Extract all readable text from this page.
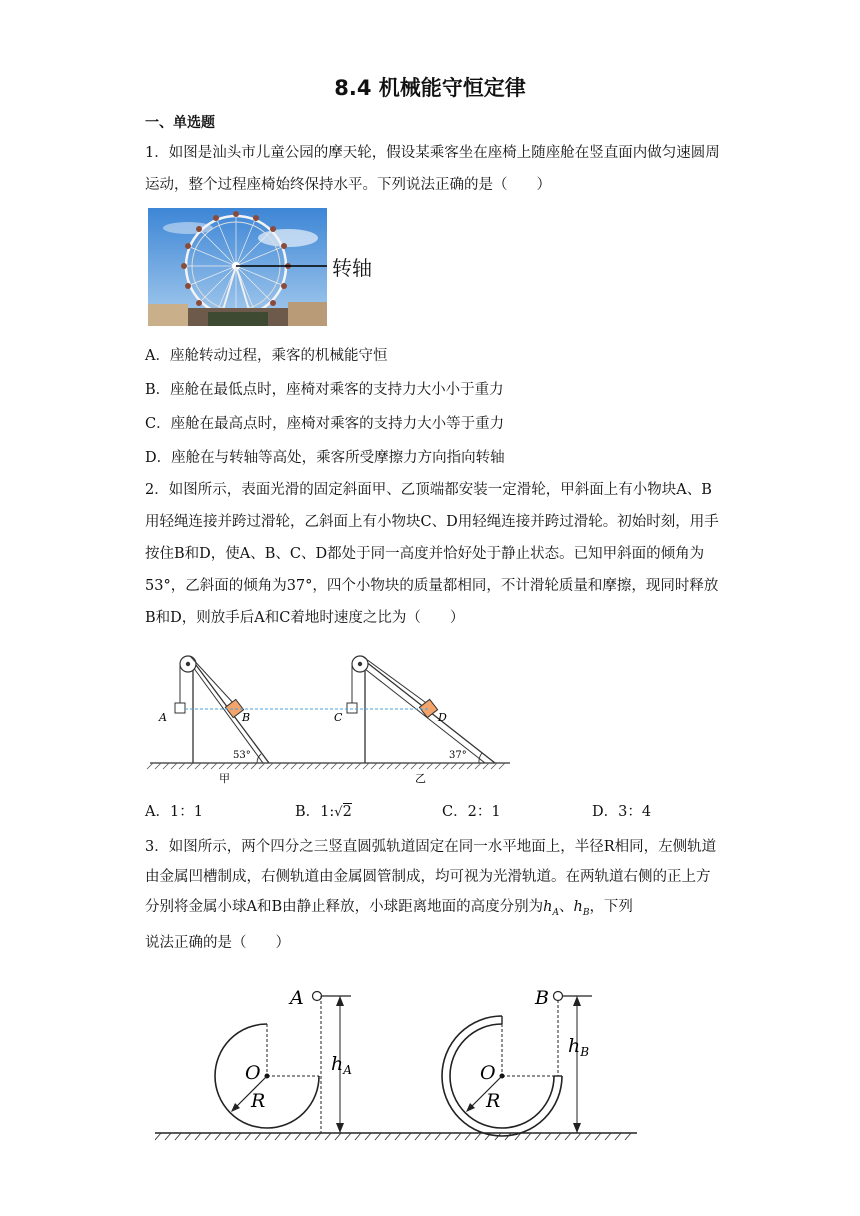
8.4 机械能守恒定律
一、单选题
1．如图是汕头市儿童公园的摩天轮，假设某乘客坐在座椅上随座舱在竖直面内做匀速圆周运动，整个过程座椅始终保持水平。下列说法正确的是（　　）
转轴
A．座舱转动过程，乘客的机械能守恒
B．座舱在最低点时，座椅对乘客的支持力大小小于重力
C．座舱在最高点时，座椅对乘客的支持力大小等于重力
D．座舱在与转轴等高处，乘客所受摩擦力方向指向转轴
2．如图所示，表面光滑的固定斜面甲、乙顶端都安装一定滑轮，甲斜面上有小物块A、B用轻绳连接并跨过滑轮，乙斜面上有小物块C、D用轻绳连接并跨过滑轮。初始时刻，用手按住B和D，使A、B、C、D都处于同一高度并恰好处于静止状态。已知甲斜面的倾角为53°，乙斜面的倾角为37°，四个小物块的质量都相同，不计滑轮质量和摩擦，现同时释放B和D，则放手后A和C着地时速度之比为（　　）
A	B	C	D
53°	37°
甲	乙
A．1：1	B．1:√2	C．2：1	D．3：4
3．如图所示，两个四分之三竖直圆弧轨道固定在同一水平地面上，半径R相同，左侧轨道由金属凹槽制成，右侧轨道由金属圆管制成，均可视为光滑轨道。在两轨道右侧的正上方分别将金属小球A和B由静止释放，小球距离地面的高度分别为$h_A$、$h_B$，下列
说法正确的是（　　）
A	B
O	O
R	R
$h_A$
$h_B$
